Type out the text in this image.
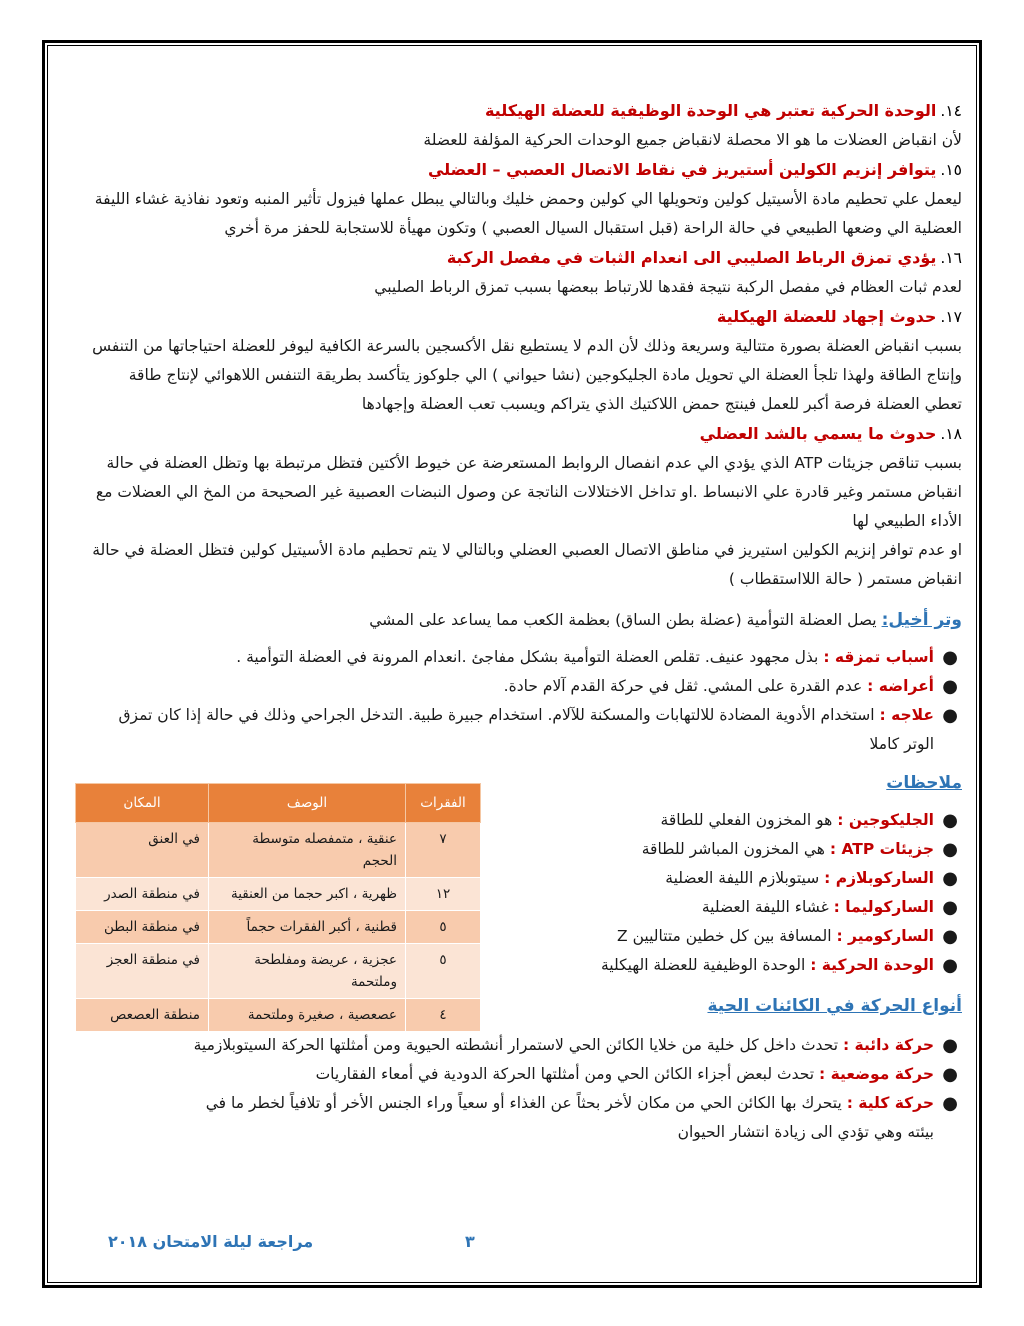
١٤.الوحدة الحركية تعتبر هي الوحدة الوظيفية للعضلة الهيكلية

لأن انقباض العضلات ما هو الا محصلة لانقباض جميع الوحدات الحركية المؤلفة للعضلة

١٥.يتوافر إنزيم الكولين أستيريز في نقاط الاتصال العصبي – العضلي

ليعمل علي تحطيم مادة الأسيتيل كولين وتحويلها الي كولين وحمض خليك وبالتالي يبطل عملها فيزول تأثير المنبه وتعود نفاذية غشاء الليفة العضلية الي وضعها الطبيعي في حالة الراحة (قبل استقبال السيال العصبي ) وتكون مهيأة للاستجابة للحفز مرة أخري

١٦.يؤدي تمزق الرباط الصليبي الى انعدام الثبات في مفصل الركبة

لعدم ثبات العظام في مفصل الركبة نتيجة فقدها للارتباط ببعضها بسبب تمزق الرباط الصليبي

١٧.حدوث إجهاد للعضلة الهيكلية

بسبب انقباض العضلة بصورة متتالية وسريعة وذلك لأن الدم لا يستطيع نقل الأكسجين بالسرعة الكافية ليوفر للعضلة احتياجاتها من التنفس وإنتاج الطاقة ولهذا تلجأ العضلة الي تحويل مادة الجليكوجين (نشا حيواني ) الي جلوكوز يتأكسد بطريقة التنفس اللاهوائي لإنتاج طاقة تعطي العضلة فرصة أكبر للعمل فينتج حمض اللاكتيك الذي يتراكم ويسبب تعب العضلة وإجهادها

١٨.حدوث ما يسمي بالشد العضلي

بسبب تناقص جزيئات ATP الذي يؤدي الي عدم انفصال الروابط المستعرضة عن خيوط الأكتين فتظل مرتبطة بها وتظل العضلة في حالة انقباض مستمر وغير قادرة علي الانبساط .او تداخل الاختلالات الناتجة عن وصول النبضات العصبية غير الصحيحة من المخ الي العضلات مع الأداء الطبيعي لها

او عدم توافر إنزيم الكولين استيريز في مناطق الاتصال العصبي العضلي وبالتالي لا يتم تحطيم مادة الأسيتيل كولين فتظل العضلة في حالة انقباض مستمر ( حالة اللااستقطاب )

وتر أخيل: يصل العضلة التوأمية (عضلة بطن الساق) بعظمة الكعب مما يساعد على المشي

●
أسباب تمزقه : بذل مجهود عنيف. تقلص العضلة التوأمية بشكل مفاجئ .انعدام المرونة في العضلة التوأمية .
●
أعراضه : عدم القدرة على المشي. ثقل في حركة القدم آلام حادة.
●
علاجه : استخدام الأدوية المضادة للالتهابات والمسكنة للآلام. استخدام جبيرة طبية. التدخل الجراحي وذلك في حالة إذا كان تمزق الوتر كاملا

ملاحظات

●
الجليكوجين : هو المخزون الفعلي للطاقة
●
جزيئات ATP : هي المخزون المباشر للطاقة
●
الساركوبلازم : سيتوبلازم الليفة العضلية
●
الساركوليما : غشاء الليفة العضلية
●
الساركومير : المسافة بين كل خطين متتاليين Z
●
الوحدة الحركية : الوحدة الوظيفية للعضلة الهيكلية

أنواع الحركة في الكائنات الحية

●
حركة دائبة : تحدث داخل كل خلية من خلايا الكائن الحي لاستمرار أنشطته الحيوية ومن أمثلتها الحركة السيتوبلازمية
●
حركة موضعية : تحدث لبعض أجزاء الكائن الحي ومن أمثلتها الحركة الدودية في أمعاء الفقاريات
●
حركة كلية : يتحرك بها الكائن الحي من مكان لأخر بحثاً عن الغذاء أو سعياً وراء الجنس الأخر أو تلافياً لخطر ما في بيئته وهي تؤدي الى زيادة انتشار الحيوان
الفقرات	الوصف	المكان
٧	عنقية ، متمفصله متوسطة الحجم	في العنق
١٢	ظهرية ، اكبر حجما من العنقية	في منطقة الصدر
٥	قطنية ، أكبر الفقرات حجماً	في منطقة البطن
٥	عجزية ، عريضة ومفلطحة وملتحمة	في منطقة العجز
٤	عصعصية ، صغيرة وملتحمة	منطقة العصعص
٣
مراجعة ليلة الامتحان ٢٠١٨
